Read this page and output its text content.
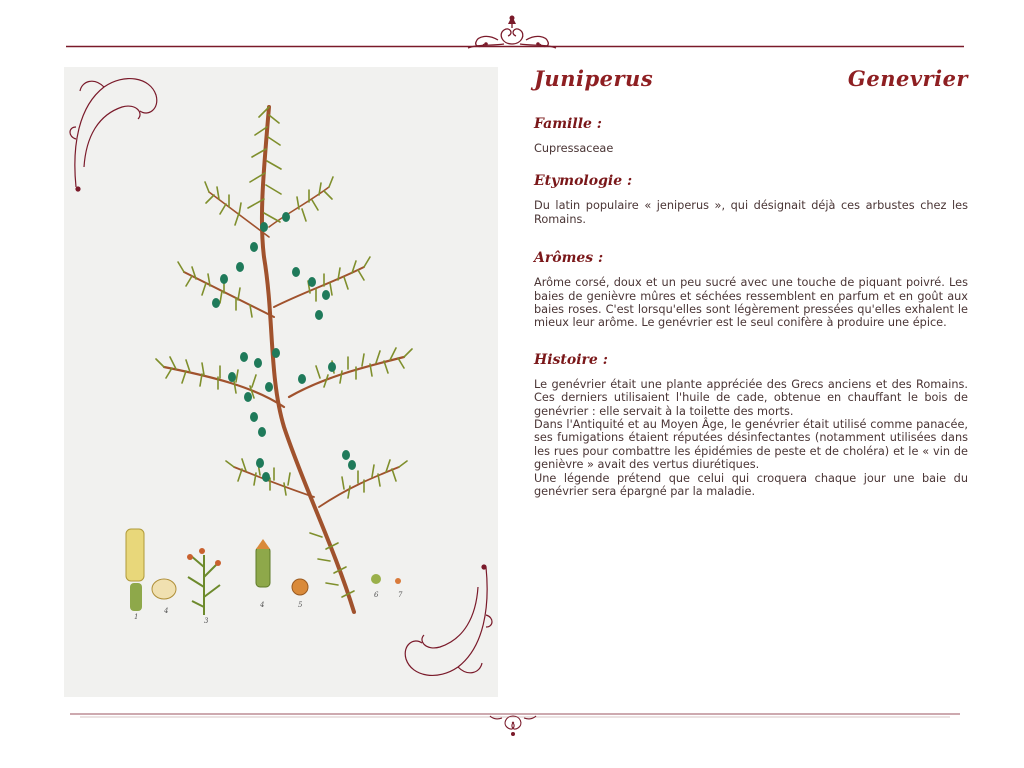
1
4
3
4	5
6	7
Juniperus	Genevrier
Famille :
Cupressaceae
Etymologie :
Du latin populaire « jeniperus », qui désignait déjà ces arbustes chez les Romains.
Arômes :
Arôme corsé, doux et un peu sucré avec une touche de piquant poivré. Les baies de genièvre mûres et séchées ressemblent en parfum et en goût aux baies roses. C'est lorsqu'elles sont légèrement pressées qu'elles exhalent le mieux leur arôme. Le genévrier est le seul conifère à produire une épice.
Histoire :

Le genévrier était une plante appréciée des Grecs anciens et des Romains. Ces derniers utilisaient l'huile de cade, obtenue en chauffant le bois de genévrier : elle servait à la toilette des morts.

Dans l'Antiquité et au Moyen Âge, le genévrier était utilisé comme panacée, ses fumigations étaient réputées désinfectantes (notamment utilisées dans les rues pour combattre les épidémies de peste et de choléra) et le « vin de genièvre » avait des vertus diurétiques.

Une légende prétend que celui qui croquera chaque jour une baie du genévrier sera épargné par la maladie.
